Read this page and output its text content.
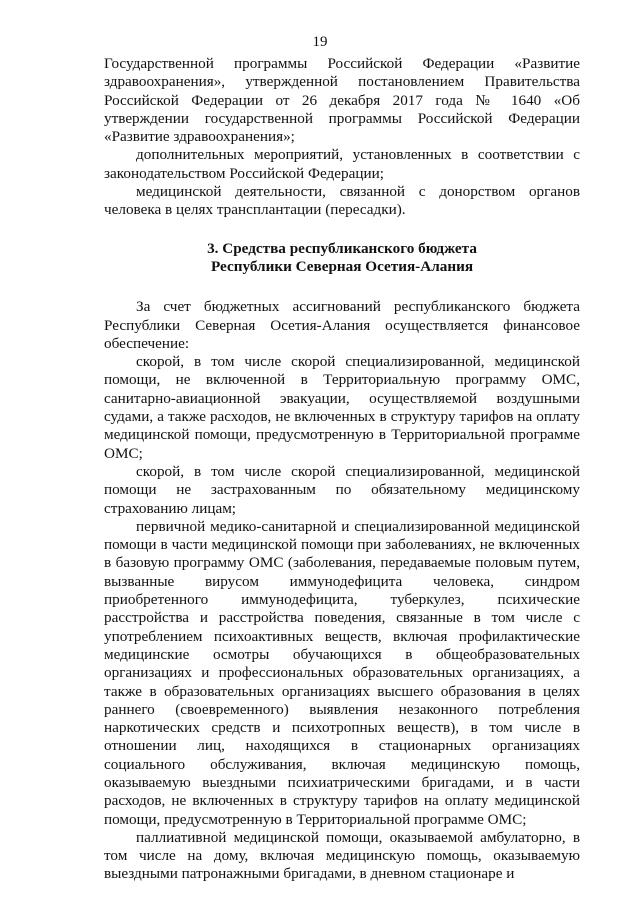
19

Государственной программы Российской Федерации «Развитие здравоохранения», утвержденной постановлением Правительства Российской Федерации от 26 декабря 2017 года № 1640 «Об утверждении государственной программы Российской Федерации «Развитие здравоохранения»;

дополнительных мероприятий, установленных в соответствии с законодательством Российской Федерации;

медицинской деятельности, связанной с донорством органов человека в целях трансплантации (пересадки).

3. Средства республиканского бюджета
Республики Северная Осетия-Алания

За счет бюджетных ассигнований республиканского бюджета Республики Северная Осетия-Алания осуществляется финансовое обеспечение:

скорой, в том числе скорой специализированной, медицинской помощи, не включенной в Территориальную программу ОМС, санитарно-авиационной эвакуации, осуществляемой воздушными судами, а также расходов, не включенных в структуру тарифов на оплату медицинской помощи, предусмотренную в Территориальной программе ОМС;

скорой, в том числе скорой специализированной, медицинской помощи не застрахованным по обязательному медицинскому страхованию лицам;

первичной медико-санитарной и специализированной медицинской помощи в части медицинской помощи при заболеваниях, не включенных в базовую программу ОМС (заболевания, передаваемые половым путем, вызванные вирусом иммунодефицита человека, синдром приобретенного иммунодефицита, туберкулез, психические расстройства и расстройства поведения, связанные в том числе с употреблением психоактивных веществ, включая профилактические медицинские осмотры обучающихся в общеобразовательных организациях и профессиональных образовательных организациях, а также в образовательных организациях высшего образования в целях раннего (своевременного) выявления незаконного потребления наркотических средств и психотропных веществ), в том числе в отношении лиц, находящихся в стационарных организациях социального обслуживания, включая медицинскую помощь, оказываемую выездными психиатрическими бригадами, и в части расходов, не включенных в структуру тарифов на оплату медицинской помощи, предусмотренную в Территориальной программе ОМС;

паллиативной медицинской помощи, оказываемой амбулаторно, в том числе на дому, включая медицинскую помощь, оказываемую выездными патронажными бригадами, в дневном стационаре и
